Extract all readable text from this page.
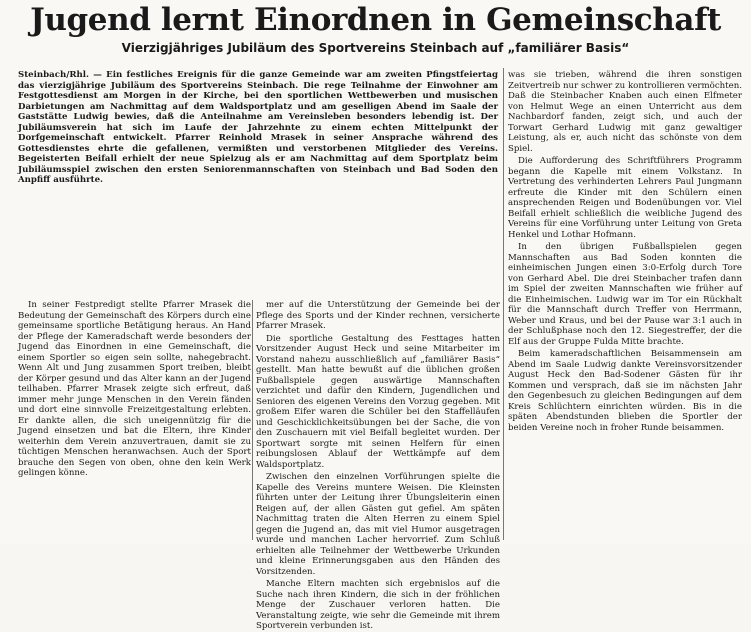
Jugend lernt Einordnen in Gemeinschaft
Vierzigjähriges Jubiläum des Sportvereins Steinbach auf „familiärer Basis“

Steinbach/Rhl. — Ein festliches Ereignis für die ganze Gemeinde war am zweiten Pfingstfeiertag das vierzigjährige Jubiläum des Sportvereins Steinbach. Die rege Teilnahme der Einwohner am Festgottesdienst am Morgen in der Kirche, bei den sportlichen Wettbewerben und musischen Darbietungen am Nachmittag auf dem Waldsportplatz und am geselligen Abend im Saale der Gaststätte Ludwig bewies, daß die Anteilnahme am Vereinsleben besonders lebendig ist. Der Jubiläumsverein hat sich im Laufe der Jahrzehnte zu einem echten Mittelpunkt der Dorfgemeinschaft entwickelt. Pfarrer Reinhold Mrasek in seiner Ansprache während des Gottesdienstes ehrte die gefallenen, vermißten und verstorbenen Mitglieder des Vereins. Begeisterten Beifall erhielt der neue Spielzug als er am Nachmittag auf dem Sportplatz beim Jubiläumsspiel zwischen den ersten Seniorenmannschaften von Steinbach und Bad Soden den Anpfiff ausführte.

In seiner Festpredigt stellte Pfarrer Mrasek die Bedeutung der Gemeinschaft des Körpers durch eine gemeinsame sportliche Betätigung heraus. An Hand der Pflege der Kameradschaft werde besonders der Jugend das Einordnen in eine Gemeinschaft, die einem Sportler so eigen sein sollte, nahegebracht. Wenn Alt und Jung zusammen Sport treiben, bleibt der Körper gesund und das Alter kann an der Jugend teilhaben. Pfarrer Mrasek zeigte sich erfreut, daß immer mehr junge Menschen in den Verein fänden und dort eine sinnvolle Freizeitgestaltung erlebten. Er dankte allen, die sich uneigennützig für die Jugend einsetzen und bat die Eltern, ihre Kinder weiterhin dem Verein anzuvertrauen, damit sie zu tüchtigen Menschen heranwachsen. Auch der Sport brauche den Segen von oben, ohne den kein Werk gelingen könne.

mer auf die Unterstützung der Gemeinde bei der Pflege des Sports und der Kinder rechnen, versicherte Pfarrer Mrasek.

Die sportliche Gestaltung des Festtages hatten Vorsitzender August Heck und seine Mitarbeiter im Vorstand nahezu ausschließlich auf „familiärer Basis“ gestellt. Man hatte bewußt auf die üblichen großen Fußballspiele gegen auswärtige Mannschaften verzichtet und dafür den Kindern, Jugendlichen und Senioren des eigenen Vereins den Vorzug gegeben. Mit großem Eifer waren die Schüler bei den Staffelläufen und Geschicklichkeitsübungen bei der Sache, die von den Zuschauern mit viel Beifall begleitet wurden. Der Sportwart sorgte mit seinen Helfern für einen reibungslosen Ablauf der Wettkämpfe auf dem Waldsportplatz.

Zwischen den einzelnen Vorführungen spielte die Kapelle des Vereins muntere Weisen. Die Kleinsten führten unter der Leitung ihrer Übungsleiterin einen Reigen auf, der allen Gästen gut gefiel. Am späten Nachmittag traten die Alten Herren zu einem Spiel gegen die Jugend an, das mit viel Humor ausgetragen wurde und manchen Lacher hervorrief. Zum Schluß erhielten alle Teilnehmer der Wettbewerbe Urkunden und kleine Erinnerungsgaben aus den Händen des Vorsitzenden.

Manche Eltern machten sich ergebnislos auf die Suche nach ihren Kindern, die sich in der fröhlichen Menge der Zuschauer verloren hatten. Die Veranstaltung zeigte, wie sehr die Gemeinde mit ihrem Sportverein verbunden ist.

was sie trieben, während die ihren sonstigen Zeitvertreib nur schwer zu kontrollieren vermöchten. Daß die Steinbacher Knaben auch einen Elfmeter von Helmut Wege an einen Unterricht aus dem Nachbardorf fanden, zeigt sich, und auch der Torwart Gerhard Ludwig mit ganz gewaltiger Leistung, als er, auch nicht das schönste von dem Spiel.

Die Aufforderung des Schriftführers Programm begann die Kapelle mit einem Volkstanz. In Vertretung des verhinderten Lehrers Paul Jungmann erfreute die Kinder mit den Schülern einen ansprechenden Reigen und Bodenübungen vor. Viel Beifall erhielt schließlich die weibliche Jugend des Vereins für eine Vorführung unter Leitung von Greta Henkel und Lothar Hofmann.

In den übrigen Fußballspielen gegen Mannschaften aus Bad Soden konnten die einheimischen Jungen einen 3:0-Erfolg durch Tore von Gerhard Abel. Die drei Steinbacher trafen dann im Spiel der zweiten Mannschaften wie früher auf die Einheimischen. Ludwig war im Tor ein Rückhalt für die Mannschaft durch Treffer von Herrmann, Weber und Kraus, und bei der Pause war 3:1 auch in der Schlußphase noch den 12. Siegestreffer, der die Elf aus der Gruppe Fulda Mitte brachte.

Beim kameradschaftlichen Beisammensein am Abend im Saale Ludwig dankte Vereinsvorsitzender August Heck den Bad-Sodener Gästen für ihr Kommen und versprach, daß sie im nächsten Jahr den Gegenbesuch zu gleichen Bedingungen auf dem Kreis Schlüchtern einrichten würden. Bis in die späten Abendstunden blieben die Sportler der beiden Vereine noch in froher Runde beisammen.
